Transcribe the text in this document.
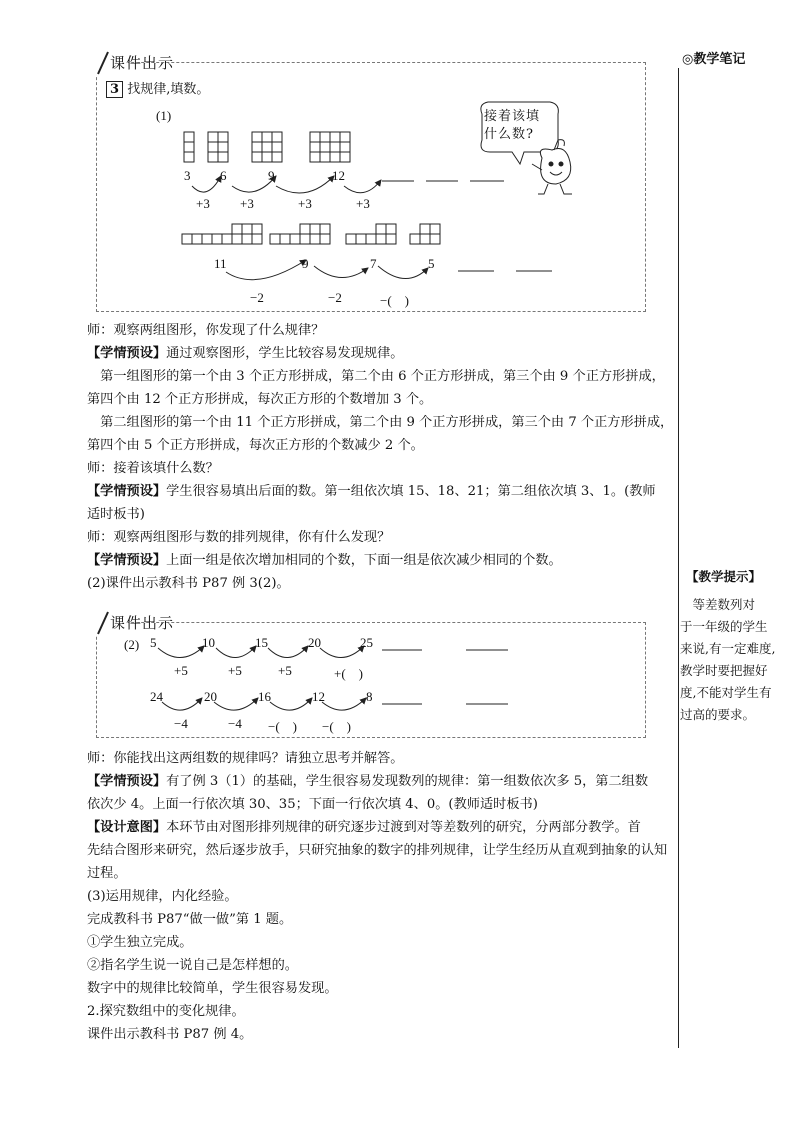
◎教学笔记
【教学提示】
　等差数列对
于一年级的学生
来说,有一定难度,
教学时要把握好
度,不能对学生有
过高的要求。
课件出示
3 找规律,填数。
(1)	接着该填
什么数?
3 6	9	12
+3 +3	+3	+3
11	9	7	5
−2	−2	−(　)
师：观察两组图形，你发现了什么规律？
【学情预设】通过观察图形，学生比较容易发现规律。
　第一组图形的第一个由 3 个正方形拼成，第二个由 6 个正方形拼成，第三个由 9 个正方形拼成，
第四个由 12 个正方形拼成，每次正方形的个数增加 3 个。
　第二组图形的第一个由 11 个正方形拼成，第二个由 9 个正方形拼成，第三个由 7 个正方形拼成，
第四个由 5 个正方形拼成，每次正方形的个数减少 2 个。
师：接着该填什么数？
【学情预设】学生很容易填出后面的数。第一组依次填 15、18、21；第二组依次填 3、1。(教师
适时板书)
师：观察两组图形与数的排列规律，你有什么发现？
【学情预设】上面一组是依次增加相同的个数，下面一组是依次减少相同的个数。
(2)课件出示教科书 P87 例 3(2)。
课件出示
(2) 5	10	15	20	25
+5	+5	+5	+(　)
24	20	16	12	8
−4	−4 −(　) −(　)
师：你能找出这两组数的规律吗？请独立思考并解答。
【学情预设】有了例 3（1）的基础，学生很容易发现数列的规律：第一组数依次多 5，第二组数
依次少 4。上面一行依次填 30、35；下面一行依次填 4、0。(教师适时板书)
【设计意图】本环节由对图形排列规律的研究逐步过渡到对等差数列的研究，分两部分教学。首
先结合图形来研究，然后逐步放手，只研究抽象的数字的排列规律，让学生经历从直观到抽象的认知
过程。
(3)运用规律，内化经验。
完成教科书 P87“做一做”第 1 题。
①学生独立完成。
②指名学生说一说自己是怎样想的。
数字中的规律比较简单，学生很容易发现。
2.探究数组中的变化规律。
课件出示教科书 P87 例 4。
